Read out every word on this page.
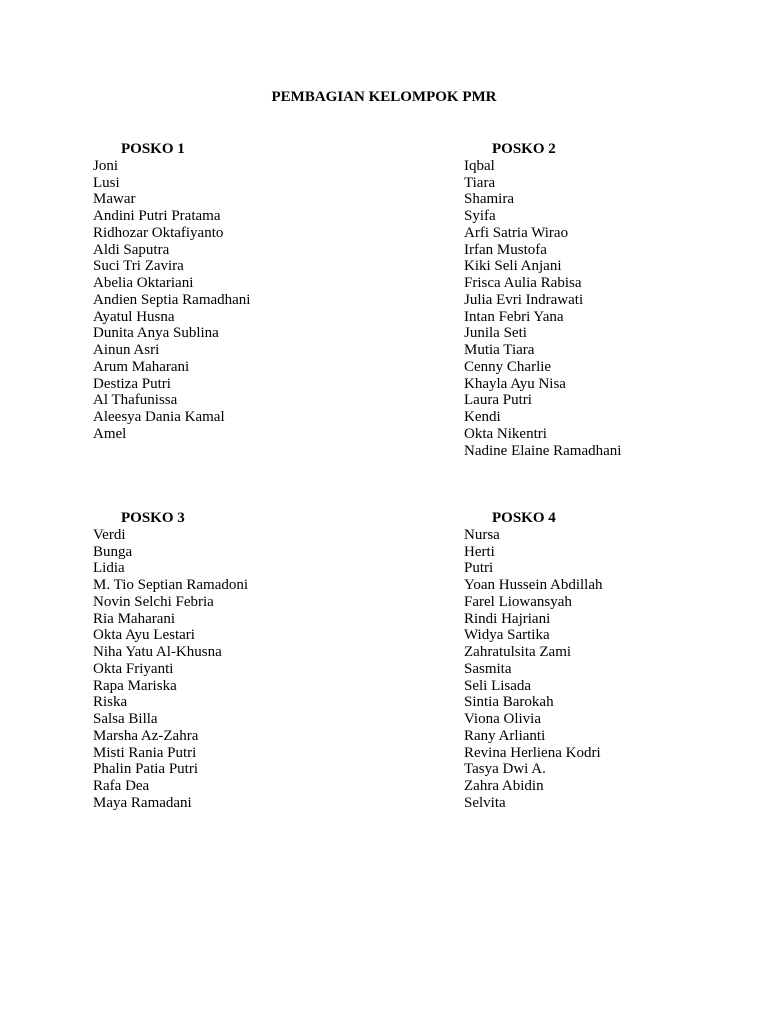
PEMBAGIAN KELOMPOK PMR
POSKO 1
Joni
Lusi
Mawar
Andini Putri Pratama
Ridhozar Oktafiyanto
Aldi Saputra
Suci Tri Zavira
Abelia Oktariani
Andien Septia Ramadhani
Ayatul Husna
Dunita Anya Sublina
Ainun Asri
Arum Maharani
Destiza Putri
Al Thafunissa
Aleesya Dania Kamal
Amel
POSKO 2
Iqbal
Tiara
Shamira
Syifa
Arfi Satria Wirao
Irfan Mustofa
Kiki Seli Anjani
Frisca Aulia Rabisa
Julia Evri Indrawati
Intan Febri Yana
Junila Seti
Mutia Tiara
Cenny Charlie
Khayla Ayu Nisa
Laura Putri
Kendi
Okta Nikentri
Nadine Elaine Ramadhani
POSKO 3
Verdi
Bunga
Lidia
M. Tio Septian Ramadoni
Novin Selchi Febria
Ria Maharani
Okta Ayu Lestari
Niha Yatu Al-Khusna
Okta Friyanti
Rapa Mariska
Riska
Salsa Billa
Marsha Az-Zahra
Misti Rania Putri
Phalin Patia Putri
Rafa Dea
Maya Ramadani
POSKO 4
Nursa
Herti
Putri
Yoan Hussein Abdillah
Farel Liowansyah
Rindi Hajriani
Widya Sartika
Zahratulsita Zami
Sasmita
Seli Lisada
Sintia Barokah
Viona Olivia
Rany Arlianti
Revina Herliena Kodri
Tasya Dwi A.
Zahra Abidin
Selvita
